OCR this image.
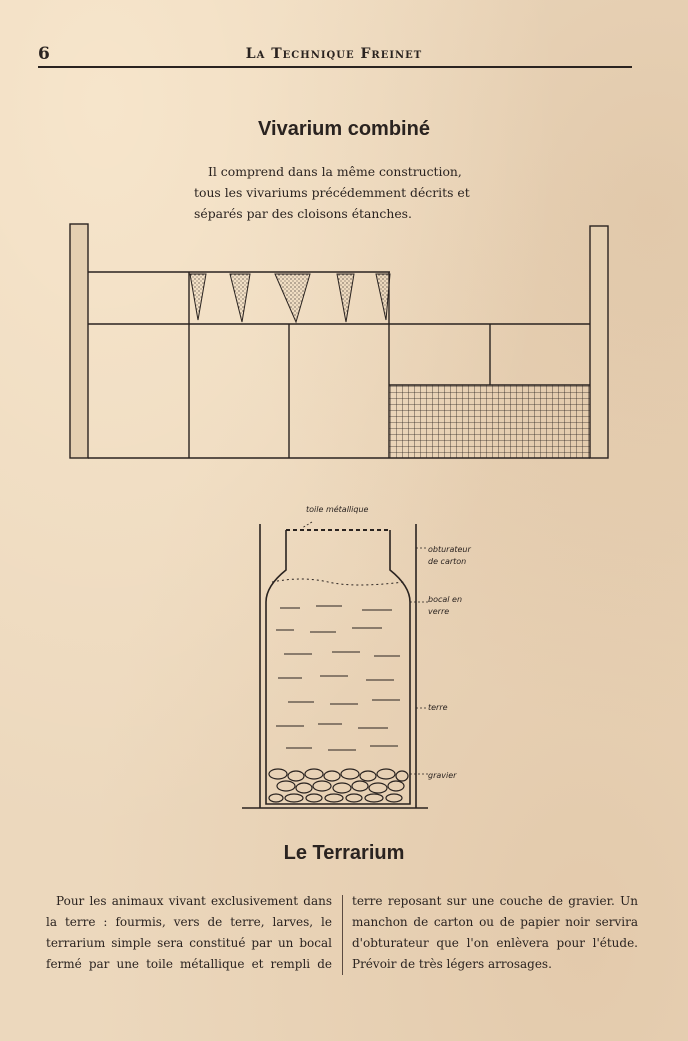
6	La Technique Freinet
Vivarium combiné
Il comprend dans la même construction,
tous les vivariums précédemment décrits et
séparés par des cloisons étanches.
toile métallique
obturateur
de carton
bocal en
verre
terre
gravier
Le Terrarium
Pour les animaux vivant exclusivement dans
la terre : fourmis, vers de terre, larves, le
terrarium simple sera constitué par un bocal
fermé par une toile métallique et rempli de
terre reposant sur une couche de gravier. Un
manchon de carton ou de papier noir servira
d'obturateur que l'on enlèvera pour l'étude.
Prévoir de très légers arrosages.
